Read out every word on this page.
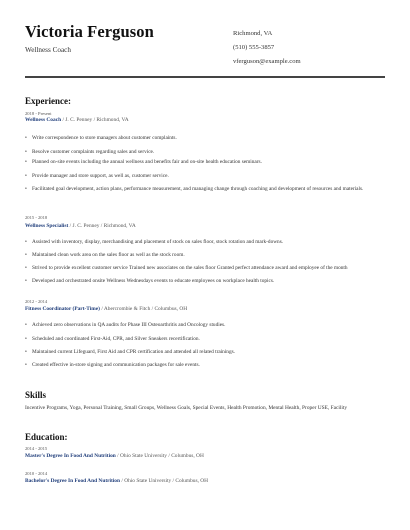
Victoria Ferguson
Wellness Coach
Richmond, VA
(510) 555-3857
vferguson@example.com
Experience:
2018 - Present
Wellness Coach / J. C. Penney / Richmond, VA
• Write correspondence to store managers about customer complaints.
• Resolve customer complaints regarding sales and service.
• Planned on-site events including the annual wellness and benefits fair and on-site health education seminars.
• Provide manager and store support, as well as, customer service.
• Facilitated goal development, action plans, performance measurement, and managing change through coaching and development of resources and materials.
2015 - 2018
Wellness Specialist / J. C. Penney / Richmond, VA
• Assisted with inventory, display, merchandising and placement of stock on sales floor, stock rotation and mark-downs.
• Maintained clean work area on the sales floor as well as the stock room.
• Strived to provide excellent customer service Trained new associates on the sales floor Granted perfect attendance award and employee of the month
• Developed and orchestrated onsite Wellness Wednesdays events to educate employees on workplace health topics.
2012 - 2014
Fitness Coordinator (Part-Time) / Abercrombie & Fitch / Columbus, OH
• Achieved zero observations in QA audits for Phase III Osteoarthritis and Oncology studies.
• Scheduled and coordinated First-Aid, CPR, and Silver Sneakers recertification.
• Maintained current Lifeguard, First Aid and CPR certification and attended all related trainings.
• Created effective in-store signing and communication packages for sale events.
Skills
Incentive Programs, Yoga, Personal Training, Small Groups, Wellness Goals, Special Events, Health Promotion, Mental Health, Proper USE, Facility
Education:
2014 - 2015
Master's Degree In Food And Nutrition / Ohio State University / Columbus, OH
2010 - 2014
Bachelor's Degree In Food And Nutrition / Ohio State University / Columbus, OH
